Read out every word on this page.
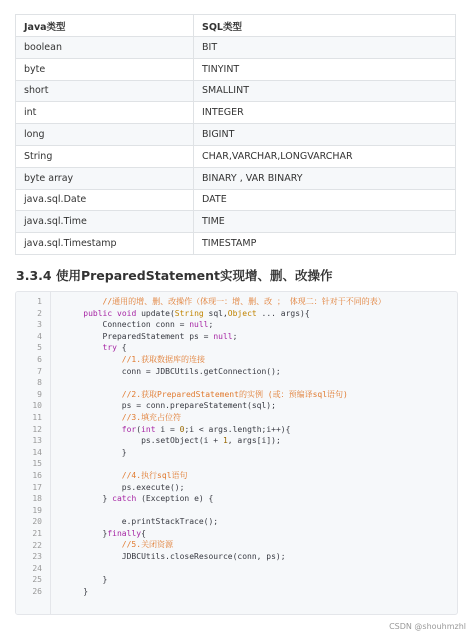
Java类型	SQL类型
boolean	BIT
byte	TINYINT
short	SMALLINT
int	INTEGER
long	BIGINT
String	CHAR,VARCHAR,LONGVARCHAR
byte array	BINARY , VAR BINARY
java.sql.Date	DATE
java.sql.Time	TIME
java.sql.Timestamp	TIMESTAMP
3.3.4 使用PreparedStatement实现增、删、改操作
1
2
3
4
5
6
7
8
9
10
11
12
13
14
15
16
17
18
19
20
21
22
23
24
25
26
//通用的增、删、改操作（体现一：增、删、改 ； 体现二：针对于不同的表）
public void update(String sql,Object ... args){
Connection conn = null;
PreparedStatement ps = null;
try {
//1.获取数据库的连接
conn = JDBCUtils.getConnection();
//2.获取PreparedStatement的实例 (或：预编译sql语句)
ps = conn.prepareStatement(sql);
//3.填充占位符
for(int i = 0;i < args.length;i++){
ps.setObject(i + 1, args[i]);
}
//4.执行sql语句
ps.execute();
} catch (Exception e) {
e.printStackTrace();
}finally{
//5.关闭资源
JDBCUtils.closeResource(conn, ps);
}
}
CSDN @shouhmzhl
